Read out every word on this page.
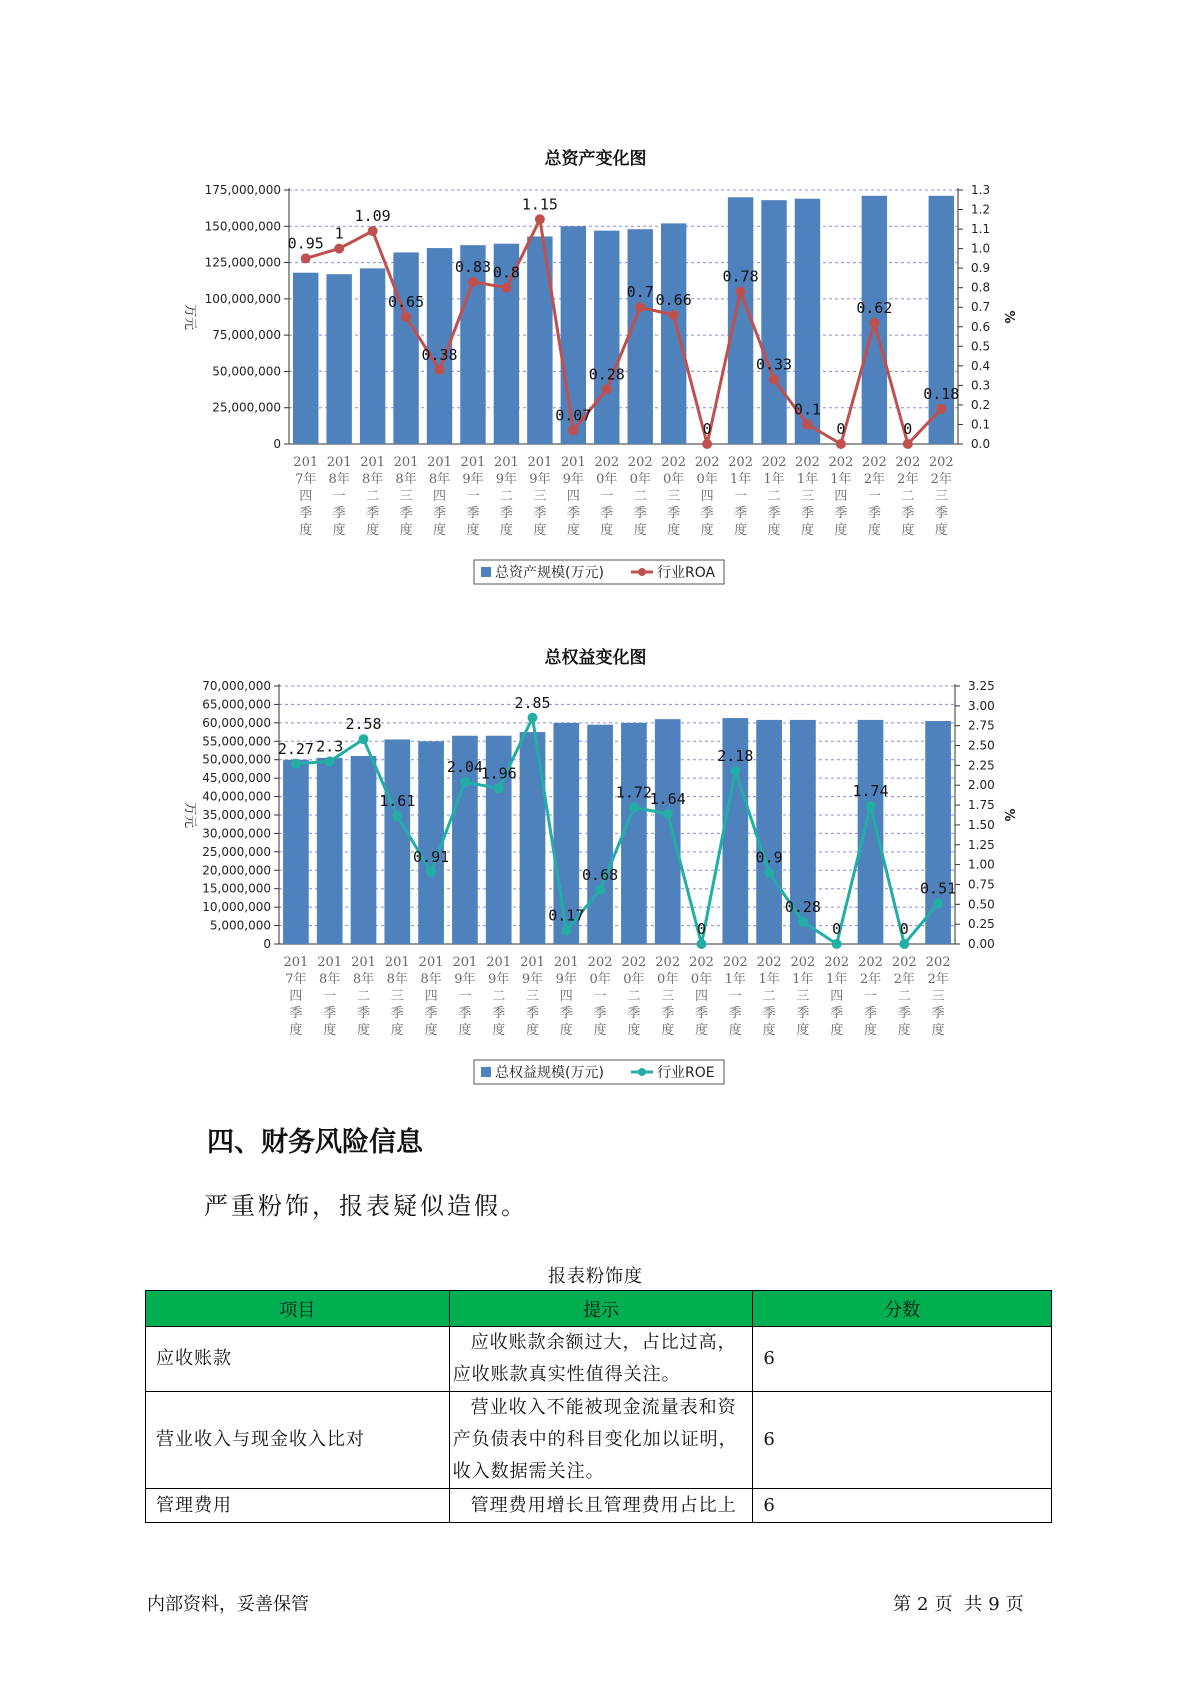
总资产变化图
0
25,000,000
50,000,000
75,000,000
100,000,000
125,000,000
150,000,000
175,000,000
0.0
0.1
0.2
0.3
0.4
0.5
0.6
0.7
0.8
0.9
1.0
1.1
1.2
1.3
万元	%
201
7年
四
季
度
201
8年
一
季
度
201
8年
二
季
度
201
8年
三
季
度
201
8年
四
季
度
201
9年
一
季
度
201
9年
二
季
度
201
9年
三
季
度
201
9年
四
季
度
202
0年
一
季
度
202
0年
二
季
度
202
0年
三
季
度
202
0年
四
季
度
202
1年
一
季
度
202
1年
二
季
度
202
1年
三
季
度
202
1年
四
季
度
202
2年
一
季
度
202
2年
二
季
度
202
2年
三
季
度
0.95
1
1.09
0.65
0.38
0.83 0.8
1.15
0.07
0.28
0.7 0.66
0
0.78
0.33
0.1
0
0.62
0
0.18
总资产规模(万元)	行业ROA
总权益变化图
0
5,000,000
10,000,000
15,000,000
20,000,000
25,000,000
30,000,000
35,000,000
40,000,000
45,000,000
50,000,000
55,000,000
60,000,000
65,000,000
70,000,000
0.00
0.25
0.50
0.75
1.00
1.25
1.50
1.75
2.00
2.25
2.50
2.75
3.00
3.25
万元	%
201
7年
四
季
度
201
8年
一
季
度
201
8年
二
季
度
201
8年
三
季
度
201
8年
四
季
度
201
9年
一
季
度
201
9年
二
季
度
201
9年
三
季
度
201
9年
四
季
度
202
0年
一
季
度
202
0年
二
季
度
202
0年
三
季
度
202
0年
四
季
度
202
1年
一
季
度
202
1年
二
季
度
202
1年
三
季
度
202
1年
四
季
度
202
2年
一
季
度
202
2年
二
季
度
202
2年
三
季
度
2.27 2.3
2.58
1.61
0.91
2.04
1.96
2.85
0.17
0.68
1.72
1.64
0
2.18
0.9
0.28
0
1.74
0
0.51
总权益规模(万元)	行业ROE
四、财务风险信息

严重粉饰，报表疑似造假。

报表粉饰度
项目	提示	分数
应收账款	应收账款余额过大，占比过高，应收账款真实性值得关注。	6
营业收入与现金收入比对	营业收入不能被现金流量表和资产负债表中的科目变化加以证明，收入数据需关注。	6
管理费用	管理费用增长且管理费用占比上	6
内部资料，妥善保管	第 2 页 共 9 页
